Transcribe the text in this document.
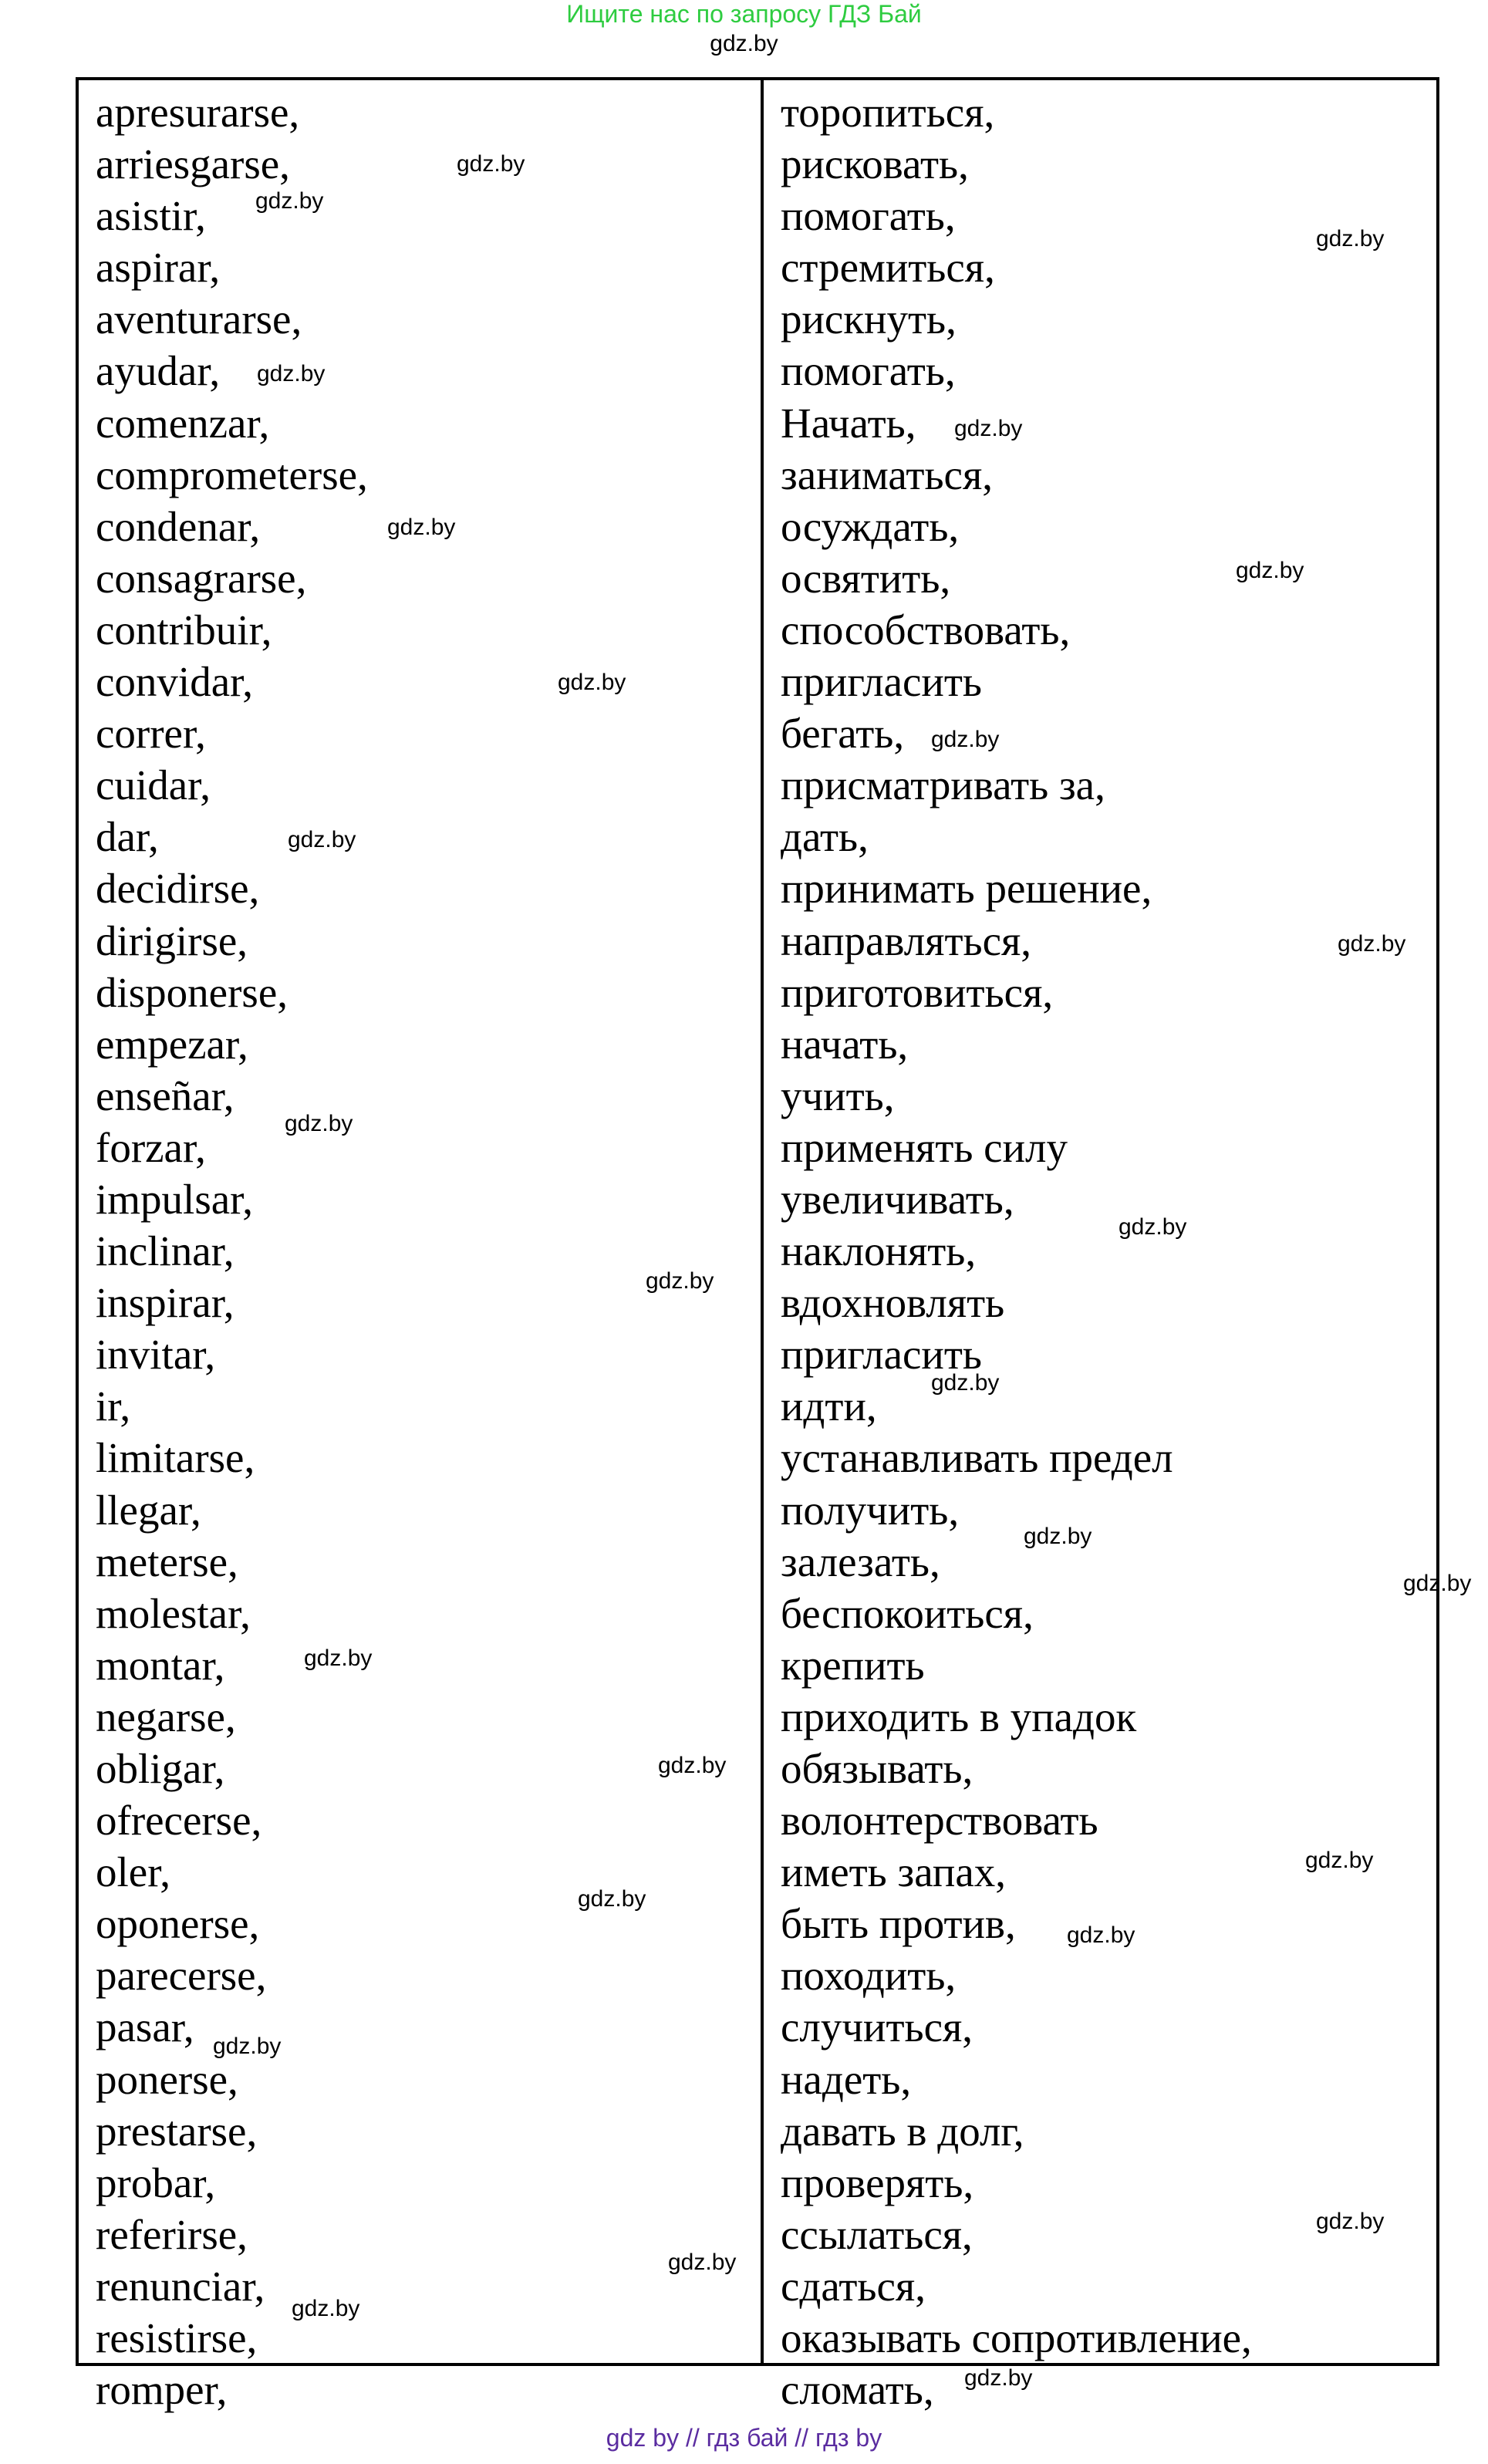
Ищите нас по запросу ГДЗ Бай
gdz.by
apresurarse,
arriesgarse,
asistir,
aspirar,
aventurarse,
ayudar,
comenzar,
comprometerse,
condenar,
consagrarse,
contribuir,
convidar,
correr,
cuidar,
dar,
decidirse,
dirigirse,
disponerse,
empezar,
enseñar,
forzar,
impulsar,
inclinar,
inspirar,
invitar,
ir,
limitarse,
llegar,
meterse,
molestar,
montar,
negarse,
obligar,
ofrecerse,
oler,
oponerse,
parecerse,
pasar,
ponerse,
prestarse,
probar,
referirse,
renunciar,
resistirse,
romper,
торопиться,
рисковать,
помогать,
стремиться,
рискнуть,
помогать,
Начать,
заниматься,
осуждать,
освятить,
способствовать,
пригласить
бегать,
присматривать за,
дать,
принимать решение,
направляться,
приготовиться,
начать,
учить,
применять силу
увеличивать,
наклонять,
вдохновлять
пригласить
идти,
устанавливать предел
получить,
залезать,
беспокоиться,
крепить
приходить в упадок
обязывать,
волонтерствовать
иметь запах,
быть против,
походить,
случиться,
надеть,
давать в долг,
проверять,
ссылаться,
сдаться,
оказывать сопротивление,
сломать,
gdz.by
gdz.by
gdz.by
gdz.by
gdz.by
gdz.by
gdz.by
gdz.by
gdz.by
gdz.by
gdz.by
gdz.by
gdz.by
gdz.by
gdz.by
gdz.by
gdz.by
gdz.by
gdz.by
gdz.by
gdz.by
gdz.by
gdz.by
gdz.by
gdz.by
gdz.by
gdz.by
gdz by // гдз бай // гдз by
